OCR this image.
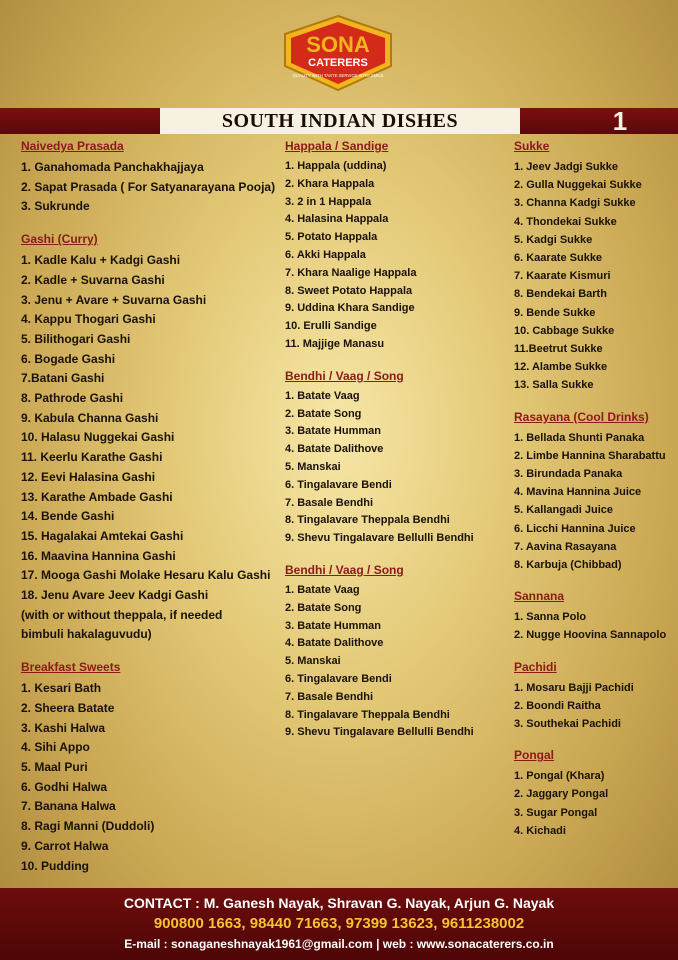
SONA
CATERERS
QUALITY WITH TASTE SERVICE WITH SMILE
SOUTH INDIAN DISHES	1
Naivedya Prasada
1. Ganahomada Panchakhajjaya
2. Sapat Prasada ( For Satyanarayana Pooja)
3. Sukrunde
Gashi (Curry)
1. Kadle Kalu + Kadgi Gashi
2. Kadle + Suvarna Gashi
3. Jenu + Avare + Suvarna Gashi
4. Kappu Thogari Gashi
5. Bilithogari Gashi
6. Bogade Gashi
7.Batani Gashi
8. Pathrode Gashi
9. Kabula Channa Gashi
10. Halasu Nuggekai Gashi
11. Keerlu Karathe Gashi
12. Eevi Halasina Gashi
13. Karathe Ambade Gashi
14. Bende Gashi
15. Hagalakai Amtekai Gashi
16. Maavina Hannina Gashi
17. Mooga Gashi Molake Hesaru Kalu Gashi
18. Jenu Avare Jeev Kadgi Gashi
(with or without theppala, if needed
bimbuli hakalaguvudu)
Breakfast Sweets
1. Kesari Bath
2. Sheera Batate
3. Kashi Halwa
4. Sihi Appo
5. Maal Puri
6. Godhi Halwa
7. Banana Halwa
8. Ragi Manni (Duddoli)
9. Carrot Halwa
10. Pudding
Happala / Sandige
1. Happala (uddina)
2. Khara Happala
3. 2 in 1 Happala
4. Halasina Happala
5. Potato Happala
6. Akki Happala
7. Khara Naalige Happala
8. Sweet Potato Happala
9. Uddina Khara Sandige
10. Erulli Sandige
11. Majjige Manasu
Bendhi / Vaag / Song
1. Batate Vaag
2. Batate Song
3. Batate Humman
4. Batate Dalithove
5. Manskai
6. Tingalavare Bendi
7. Basale Bendhi
8. Tingalavare Theppala Bendhi
9. Shevu Tingalavare Bellulli Bendhi
Bendhi / Vaag / Song
1. Batate Vaag
2. Batate Song
3. Batate Humman
4. Batate Dalithove
5. Manskai
6. Tingalavare Bendi
7. Basale Bendhi
8. Tingalavare Theppala Bendhi
9. Shevu Tingalavare Bellulli Bendhi
Sukke
1. Jeev Jadgi Sukke
2. Gulla Nuggekai Sukke
3. Channa Kadgi Sukke
4. Thondekai Sukke
5. Kadgi Sukke
6. Kaarate Sukke
7. Kaarate Kismuri
8. Bendekai Barth
9. Bende Sukke
10. Cabbage Sukke
11.Beetrut Sukke
12. Alambe Sukke
13. Salla Sukke
Rasayana (Cool Drinks)
1. Bellada Shunti Panaka
2. Limbe Hannina Sharabattu
3. Birundada Panaka
4. Mavina Hannina Juice
5. Kallangadi Juice
6. Licchi Hannina Juice
7. Aavina Rasayana
8. Karbuja (Chibbad)
Sannana
1. Sanna Polo
2. Nugge Hoovina Sannapolo
Pachidi
1. Mosaru Bajji Pachidi
2. Boondi Raitha
3. Southekai Pachidi
Pongal
1. Pongal (Khara)
2. Jaggary Pongal
3. Sugar Pongal
4. Kichadi
CONTACT : M. Ganesh Nayak, Shravan G. Nayak, Arjun G. Nayak
900800 1663, 98440 71663, 97399 13623, 9611238002
E-mail : sonaganeshnayak1961@gmail.com | web : www.sonacaterers.co.in
